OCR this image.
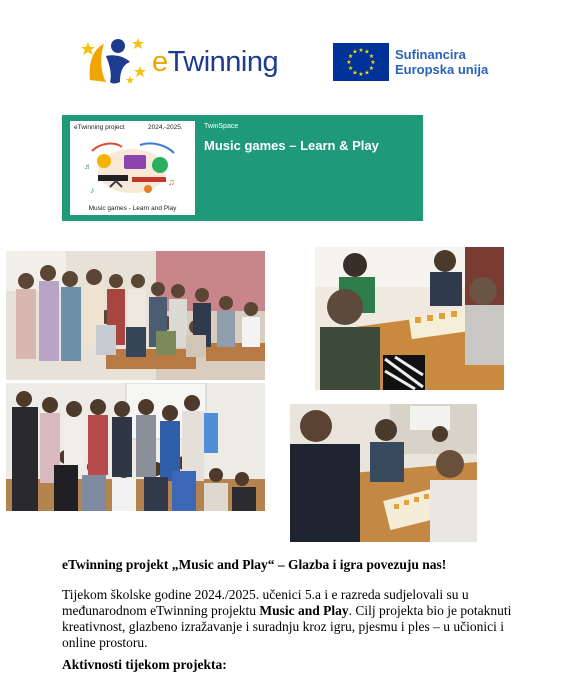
eTwinning	★
★
★
★
★
★
★
★
★ ★ ★
★ Sufinancira
Europska unija
eTwinning project	2024.-2025.
♪
♫
♬
Music games - Learn and Play
TwinSpace
Music games – Learn & Play
eTwinning projekt „Music and Play“ – Glazba i igra povezuju nas!

Tijekom školske godine 2024./2025. učenici 5.a i e razreda sudjelovali su u međunarodnom eTwinning projektu Music and Play. Cilj projekta bio je potaknuti kreativnost, glazbeno izražavanje i suradnju kroz igru, pjesmu i ples – u učionici i online prostoru.

Aktivnosti tijekom projekta:
